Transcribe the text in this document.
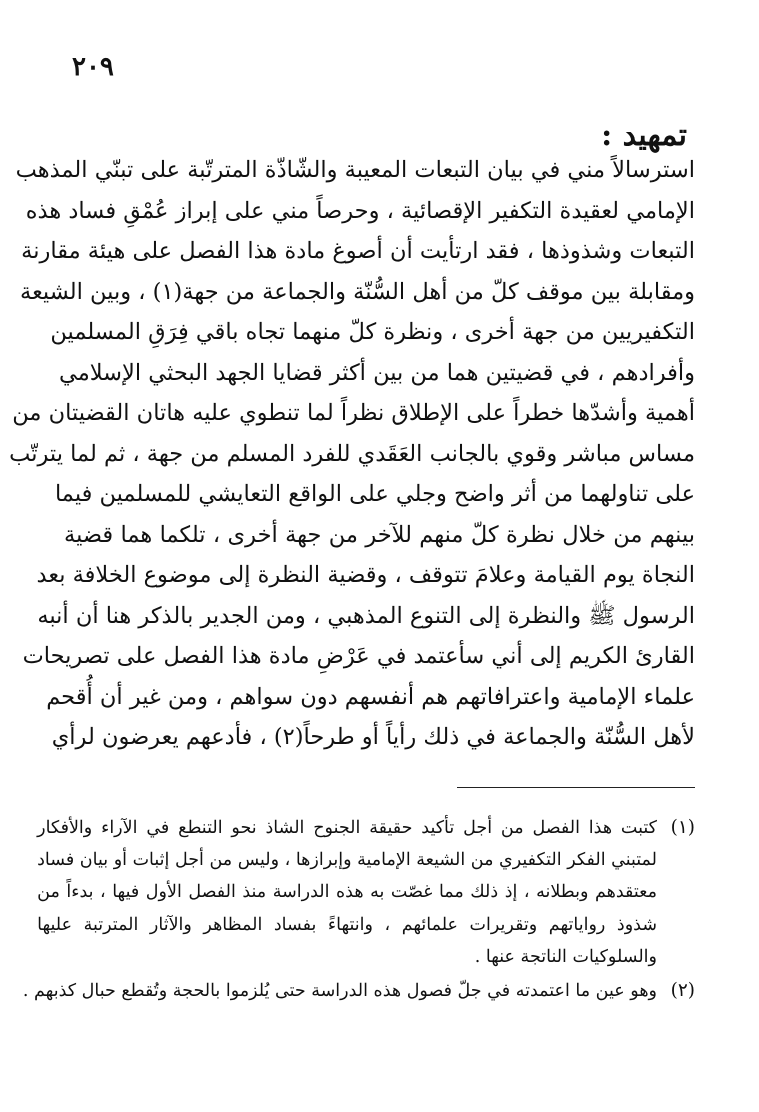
٢٠٩
تمهيد :
استرسالاً مني في بيان التبعات المعيبة والشّاذّة المترتّبة على تبنّي المذهب
الإمامي لعقيدة التكفير الإقصائية ، وحرصاً مني على إبراز عُمْقِ فساد هذه
التبعات وشذوذها ، فقد ارتأيت أن أصوغ مادة هذا الفصل على هيئة مقارنة
ومقابلة بين موقف كلّ من أهل السُّنّة والجماعة من جهة(١) ، وبين الشيعة
التكفيريين من جهة أخرى ، ونظرة كلّ منهما تجاه باقي فِرَقِ المسلمين
وأفرادهم ، في قضيتين هما من بين أكثر قضايا الجهد البحثي الإسلامي
أهمية وأشدّها خطراً على الإطلاق نظراً لما تنطوي عليه هاتان القضيتان من
مساس مباشر وقوي بالجانب العَقَدي للفرد المسلم من جهة ، ثم لما يترتّب
على تناولهما من أثر واضح وجلي على الواقع التعايشي للمسلمين فيما
بينهم من خلال نظرة كلّ منهم للآخر من جهة أخرى ، تلكما هما قضية
النجاة يوم القيامة وعلامَ تتوقف ، وقضية النظرة إلى موضوع الخلافة بعد
الرسول ﷺ والنظرة إلى التنوع المذهبي ، ومن الجدير بالذكر هنا أن أنبه
القارئ الكريم إلى أني سأعتمد في عَرْضِ مادة هذا الفصل على تصريحات
علماء الإمامية واعترافاتهم هم أنفسهم دون سواهم ، ومن غير أن أُقحم
لأهل السُّنّة والجماعة في ذلك رأياً أو طرحاً(٢) ، فأدعهم يعرضون لرأي
(١)
كتبت هذا الفصل من أجل تأكيد حقيقة الجنوح الشاذ نحو التنطع في الآراء والأفكار
لمتبني الفكر التكفيري من الشيعة الإمامية وإبرازها ، وليس من أجل إثبات أو بيان فساد
معتقدهم وبطلانه ، إذ ذلك مما غصّت به هذه الدراسة منذ الفصل الأول فيها ، بدءاً من
شذوذ رواياتهم وتقريرات علمائهم ، وانتهاءً بفساد المظاهر والآثار المترتبة عليها
والسلوكيات الناتجة عنها .
(٢)
وهو عين ما اعتمدته في جلّ فصول هذه الدراسة حتى يُلزموا بالحجة وتُقطع حبال كذبهم .
